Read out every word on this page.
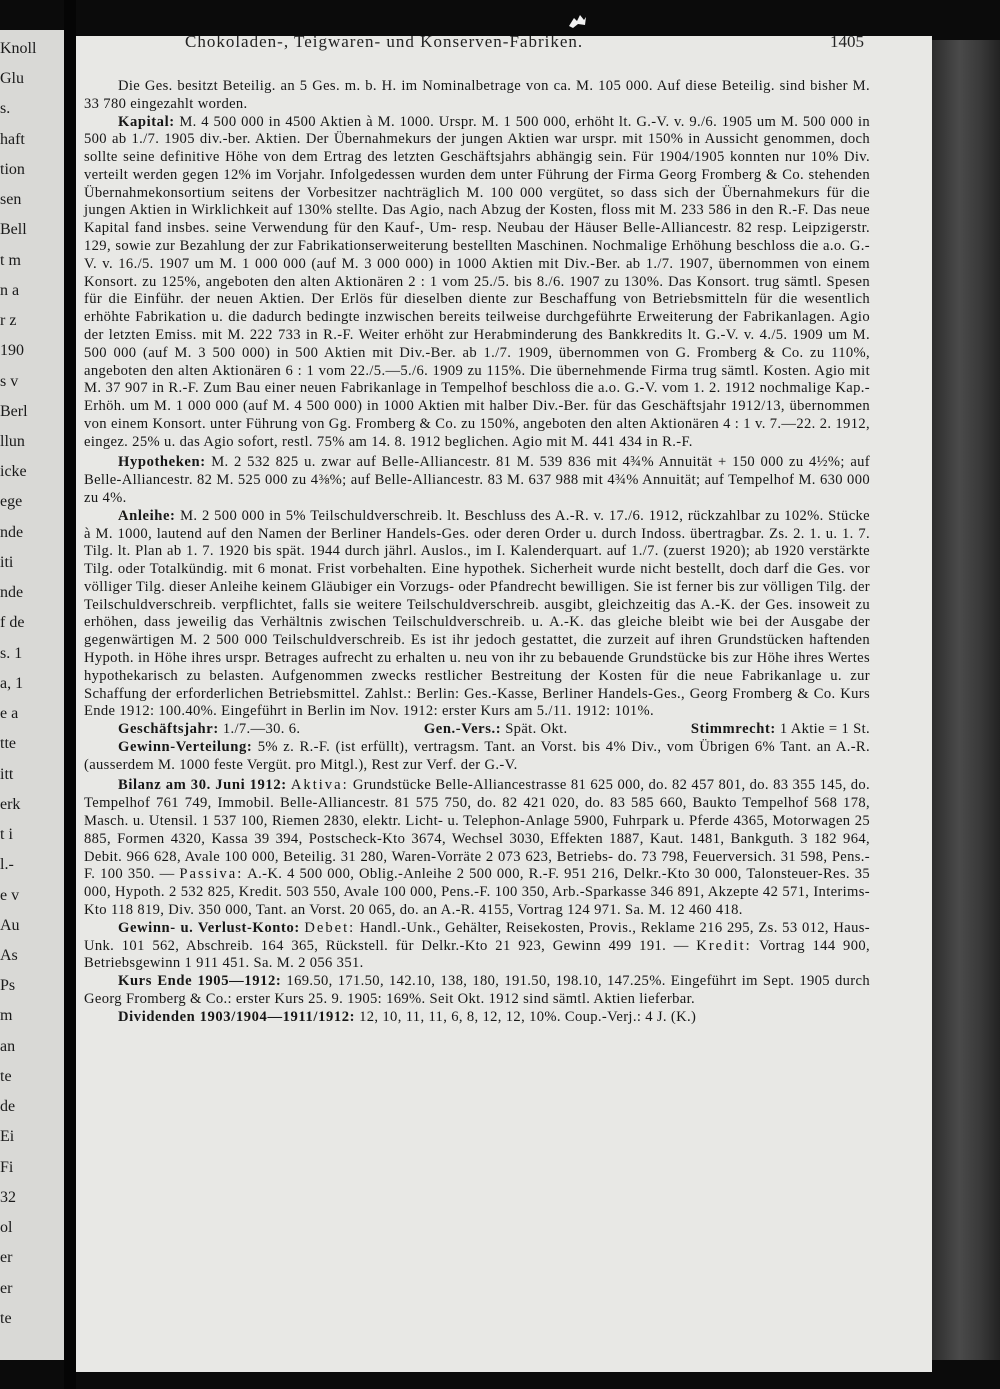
Knoll
Glu
s.
haft
tion
sen
Bell
t m
n a
r z
190
s v
Berl
llun
icke
ege
nde
iti
nde
f de
s. 1
a, 1
e a
tte
itt
erk
t i
l.-
e v
Au
As
Ps
m
an
te
de
Ei
Fi
32
ol
er
er
te
Chokoladen-, Teigwaren- und Konserven-Fabriken.	1405

Die Ges. besitzt Beteilig. an 5 Ges. m. b. H. im Nominalbetrage von ca. M. 105 000. Auf diese Beteilig. sind bisher M. 33 780 eingezahlt worden.

Kapital: M. 4 500 000 in 4500 Aktien à M. 1000. Urspr. M. 1 500 000, erhöht lt. G.-V. v. 9./6. 1905 um M. 500 000 in 500 ab 1./7. 1905 div.-ber. Aktien. Der Übernahmekurs der jungen Aktien war urspr. mit 150% in Aussicht genommen, doch sollte seine definitive Höhe von dem Ertrag des letzten Geschäftsjahrs abhängig sein. Für 1904/1905 konnten nur 10% Div. verteilt werden gegen 12% im Vorjahr. Infolgedessen wurden dem unter Führung der Firma Georg Fromberg & Co. stehenden Übernahmekonsortium seitens der Vorbesitzer nachträglich M. 100 000 vergütet, so dass sich der Übernahmekurs für die jungen Aktien in Wirklichkeit auf 130% stellte. Das Agio, nach Abzug der Kosten, floss mit M. 233 586 in den R.-F. Das neue Kapital fand insbes. seine Verwendung für den Kauf-, Um- resp. Neubau der Häuser Belle-Alliancestr. 82 resp. Leipzigerstr. 129, sowie zur Bezahlung der zur Fabrikationserweiterung bestellten Maschinen. Nochmalige Erhöhung beschloss die a.o. G.-V. v. 16./5. 1907 um M. 1 000 000 (auf M. 3 000 000) in 1000 Aktien mit Div.-Ber. ab 1./7. 1907, übernommen von einem Konsort. zu 125%, angeboten den alten Aktionären 2 : 1 vom 25./5. bis 8./6. 1907 zu 130%. Das Konsort. trug sämtl. Spesen für die Einführ. der neuen Aktien. Der Erlös für dieselben diente zur Beschaffung von Betriebsmitteln für die wesentlich erhöhte Fabrikation u. die dadurch bedingte inzwischen bereits teilweise durchgeführte Erweiterung der Fabrikanlagen. Agio der letzten Emiss. mit M. 222 733 in R.-F. Weiter erhöht zur Herabminderung des Bankkredits lt. G.-V. v. 4./5. 1909 um M. 500 000 (auf M. 3 500 000) in 500 Aktien mit Div.-Ber. ab 1./7. 1909, übernommen von G. Fromberg & Co. zu 110%, angeboten den alten Aktionären 6 : 1 vom 22./5.—5./6. 1909 zu 115%. Die übernehmende Firma trug sämtl. Kosten. Agio mit M. 37 907 in R.-F. Zum Bau einer neuen Fabrikanlage in Tempelhof beschloss die a.o. G.-V. vom 1. 2. 1912 nochmalige Kap.-Erhöh. um M. 1 000 000 (auf M. 4 500 000) in 1000 Aktien mit halber Div.-Ber. für das Geschäftsjahr 1912/13, übernommen von einem Konsort. unter Führung von Gg. Fromberg & Co. zu 150%, angeboten den alten Aktionären 4 : 1 v. 7.—22. 2. 1912, eingez. 25% u. das Agio sofort, restl. 75% am 14. 8. 1912 beglichen. Agio mit M. 441 434 in R.-F.

Hypotheken: M. 2 532 825 u. zwar auf Belle-Alliancestr. 81 M. 539 836 mit 4¾% Annuität + 150 000 zu 4½%; auf Belle-Alliancestr. 82 M. 525 000 zu 4⅜%; auf Belle-Alliancestr. 83 M. 637 988 mit 4¾% Annuität; auf Tempelhof M. 630 000 zu 4%.

Anleihe: M. 2 500 000 in 5% Teilschuldverschreib. lt. Beschluss des A.-R. v. 17./6. 1912, rückzahlbar zu 102%. Stücke à M. 1000, lautend auf den Namen der Berliner Handels-Ges. oder deren Order u. durch Indoss. übertragbar. Zs. 2. 1. u. 1. 7. Tilg. lt. Plan ab 1. 7. 1920 bis spät. 1944 durch jährl. Auslos., im I. Kalenderquart. auf 1./7. (zuerst 1920); ab 1920 verstärkte Tilg. oder Totalkündig. mit 6 monat. Frist vorbehalten. Eine hypothek. Sicherheit wurde nicht bestellt, doch darf die Ges. vor völliger Tilg. dieser Anleihe keinem Gläubiger ein Vorzugs- oder Pfandrecht bewilligen. Sie ist ferner bis zur völligen Tilg. der Teilschuldverschreib. verpflichtet, falls sie weitere Teilschuldverschreib. ausgibt, gleichzeitig das A.-K. der Ges. insoweit zu erhöhen, dass jeweilig das Verhältnis zwischen Teilschuldverschreib. u. A.-K. das gleiche bleibt wie bei der Ausgabe der gegenwärtigen M. 2 500 000 Teilschuldverschreib. Es ist ihr jedoch gestattet, die zurzeit auf ihren Grundstücken haftenden Hypoth. in Höhe ihres urspr. Betrages aufrecht zu erhalten u. neu von ihr zu bebauende Grundstücke bis zur Höhe ihres Wertes hypothekarisch zu belasten. Aufgenommen zwecks restlicher Bestreitung der Kosten für die neue Fabrikanlage u. zur Schaffung der erforderlichen Betriebsmittel. Zahlst.: Berlin: Ges.-Kasse, Berliner Handels-Ges., Georg Fromberg & Co. Kurs Ende 1912: 100.40%. Eingeführt in Berlin im Nov. 1912: erster Kurs am 5./11. 1912: 101%.

Geschäftsjahr: 1./7.—30. 6.	Gen.-Vers.: Spät. Okt.	Stimmrecht: 1 Aktie = 1 St.

Gewinn-Verteilung: 5% z. R.-F. (ist erfüllt), vertragsm. Tant. an Vorst. bis 4% Div., vom Übrigen 6% Tant. an A.-R. (ausserdem M. 1000 feste Vergüt. pro Mitgl.), Rest zur Verf. der G.-V.

Bilanz am 30. Juni 1912: Aktiva: Grundstücke Belle-Alliancestrasse 81 625 000, do. 82 457 801, do. 83 355 145, do. Tempelhof 761 749, Immobil. Belle-Alliancestr. 81 575 750, do. 82 421 020, do. 83 585 660, Baukto Tempelhof 568 178, Masch. u. Utensil. 1 537 100, Riemen 2830, elektr. Licht- u. Telephon-Anlage 5900, Fuhrpark u. Pferde 4365, Motorwagen 25 885, Formen 4320, Kassa 39 394, Postscheck-Kto 3674, Wechsel 3030, Effekten 1887, Kaut. 1481, Bankguth. 3 182 964, Debit. 966 628, Avale 100 000, Beteilig. 31 280, Waren-Vorräte 2 073 623, Betriebs- do. 73 798, Feuerversich. 31 598, Pens.-F. 100 350. — Passiva: A.-K. 4 500 000, Oblig.-Anleihe 2 500 000, R.-F. 951 216, Delkr.-Kto 30 000, Talonsteuer-Res. 35 000, Hypoth. 2 532 825, Kredit. 503 550, Avale 100 000, Pens.-F. 100 350, Arb.-Sparkasse 346 891, Akzepte 42 571, Interims-Kto 118 819, Div. 350 000, Tant. an Vorst. 20 065, do. an A.-R. 4155, Vortrag 124 971. Sa. M. 12 460 418.

Gewinn- u. Verlust-Konto: Debet: Handl.-Unk., Gehälter, Reisekosten, Provis., Reklame 216 295, Zs. 53 012, Haus-Unk. 101 562, Abschreib. 164 365, Rückstell. für Delkr.-Kto 21 923, Gewinn 499 191. — Kredit: Vortrag 144 900, Betriebsgewinn 1 911 451. Sa. M. 2 056 351.

Kurs Ende 1905—1912: 169.50, 171.50, 142.10, 138, 180, 191.50, 198.10, 147.25%. Eingeführt im Sept. 1905 durch Georg Fromberg & Co.: erster Kurs 25. 9. 1905: 169%. Seit Okt. 1912 sind sämtl. Aktien lieferbar.

Dividenden 1903/1904—1911/1912: 12, 10, 11, 11, 6, 8, 12, 12, 10%. Coup.-Verj.: 4 J. (K.)
